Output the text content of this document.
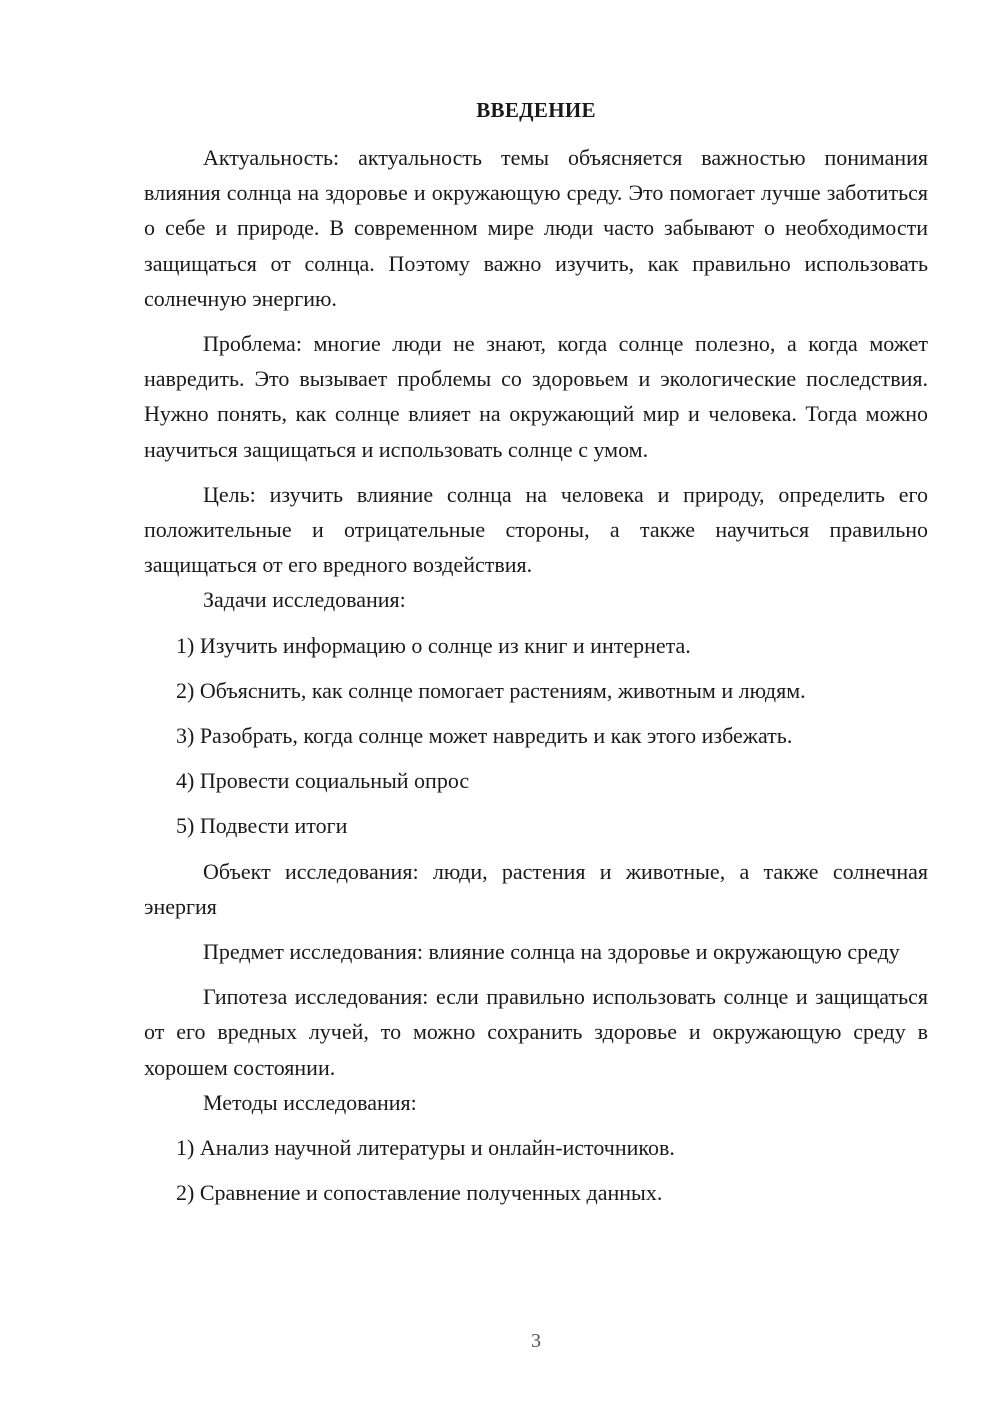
ВВЕДЕНИЕ

Актуальность: актуальность темы объясняется важностью понимания влияния солнца на здоровье и окружающую среду. Это помогает лучше заботиться о себе и природе. В современном мире люди часто забывают о необходимости защищаться от солнца. Поэтому важно изучить, как правильно использовать солнечную энергию.

Проблема: многие люди не знают, когда солнце полезно, а когда может навредить. Это вызывает проблемы со здоровьем и экологические последствия. Нужно понять, как солнце влияет на окружающий мир и человека. Тогда можно научиться защищаться и использовать солнце с умом.

Цель: изучить влияние солнца на человека и природу, определить его положительные и отрицательные стороны, а также научиться правильно защищаться от его вредного воздействия.

Задачи исследования:

1) Изучить информацию о солнце из книг и интернета.

2) Объяснить, как солнце помогает растениям, животным и людям.

3) Разобрать, когда солнце может навредить и как этого избежать.

4) Провести социальный опрос

5) Подвести итоги

Объект исследования: люди, растения и животные, а также солнечная энергия

Предмет исследования: влияние солнца на здоровье и окружающую среду

Гипотеза исследования: если правильно использовать солнце и защищаться от его вредных лучей, то можно сохранить здоровье и окружающую среду в хорошем состоянии.

Методы исследования:

1) Анализ научной литературы и онлайн-источников.

2) Сравнение и сопоставление полученных данных.

3
